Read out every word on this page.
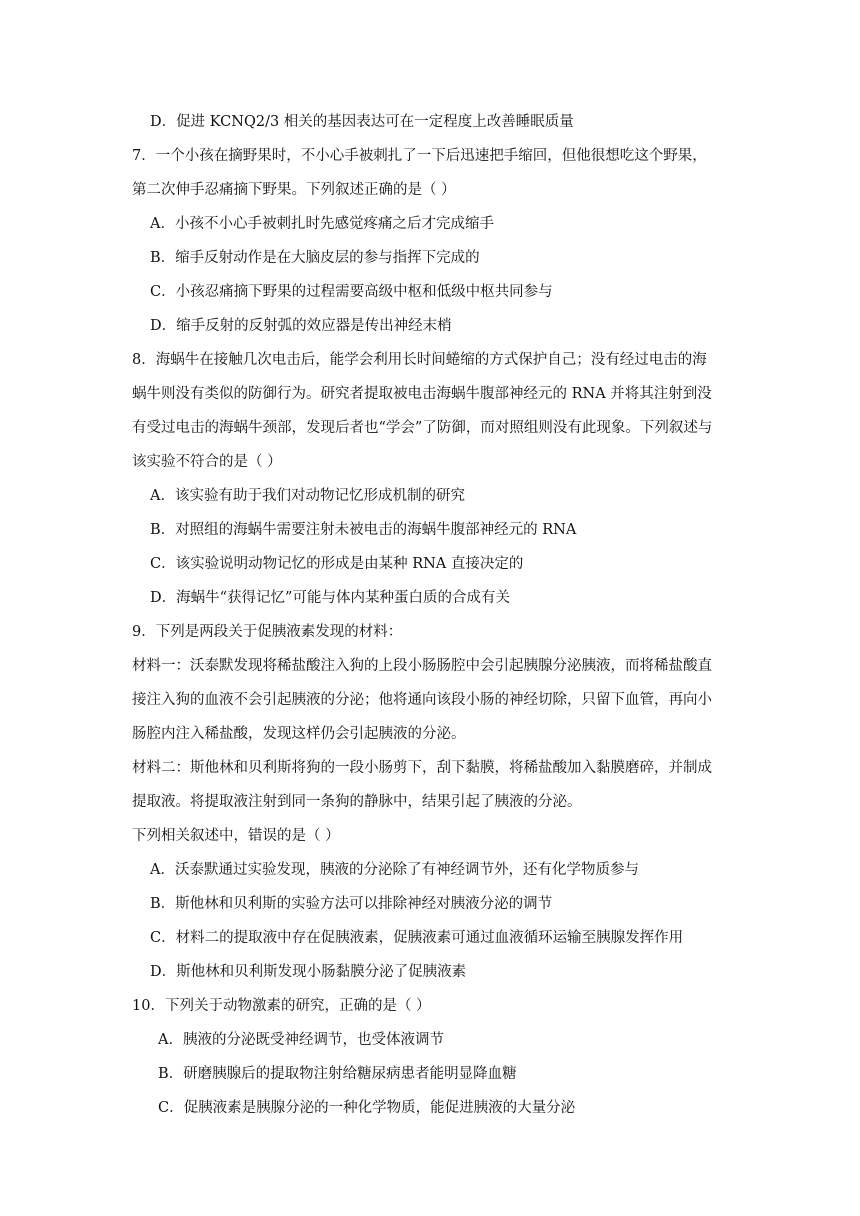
D．促进 KCNQ2/3 相关的基因表达可在一定程度上改善睡眠质量
7．一个小孩在摘野果时，不小心手被刺扎了一下后迅速把手缩回，但他很想吃这个野果，
第二次伸手忍痛摘下野果。下列叙述正确的是（ ）
A．小孩不小心手被刺扎时先感觉疼痛之后才完成缩手
B．缩手反射动作是在大脑皮层的参与指挥下完成的
C．小孩忍痛摘下野果的过程需要高级中枢和低级中枢共同参与
D．缩手反射的反射弧的效应器是传出神经末梢
8．海蜗牛在接触几次电击后，能学会利用长时间蜷缩的方式保护自己；没有经过电击的海
蜗牛则没有类似的防御行为。研究者提取被电击海蜗牛腹部神经元的 RNA 并将其注射到没
有受过电击的海蜗牛颈部，发现后者也“学会”了防御，而对照组则没有此现象。下列叙述与
该实验不符合的是（ ）
A．该实验有助于我们对动物记忆形成机制的研究
B．对照组的海蜗牛需要注射未被电击的海蜗牛腹部神经元的 RNA
C．该实验说明动物记忆的形成是由某种 RNA 直接决定的
D．海蜗牛“获得记忆”可能与体内某种蛋白质的合成有关
9．下列是两段关于促胰液素发现的材料：
材料一：沃泰默发现将稀盐酸注入狗的上段小肠肠腔中会引起胰腺分泌胰液，而将稀盐酸直
接注入狗的血液不会引起胰液的分泌；他将通向该段小肠的神经切除，只留下血管，再向小
肠腔内注入稀盐酸，发现这样仍会引起胰液的分泌。
材料二：斯他林和贝利斯将狗的一段小肠剪下，刮下黏膜，将稀盐酸加入黏膜磨碎，并制成
提取液。将提取液注射到同一条狗的静脉中，结果引起了胰液的分泌。
下列相关叙述中，错误的是（ ）
A．沃泰默通过实验发现，胰液的分泌除了有神经调节外，还有化学物质参与
B．斯他林和贝利斯的实验方法可以排除神经对胰液分泌的调节
C．材料二的提取液中存在促胰液素，促胰液素可通过血液循环运输至胰腺发挥作用
D．斯他林和贝利斯发现小肠黏膜分泌了促胰液素
10．下列关于动物激素的研究，正确的是（ ）
A．胰液的分泌既受神经调节，也受体液调节
B．研磨胰腺后的提取物注射给糖尿病患者能明显降血糖
C．促胰液素是胰腺分泌的一种化学物质，能促进胰液的大量分泌
